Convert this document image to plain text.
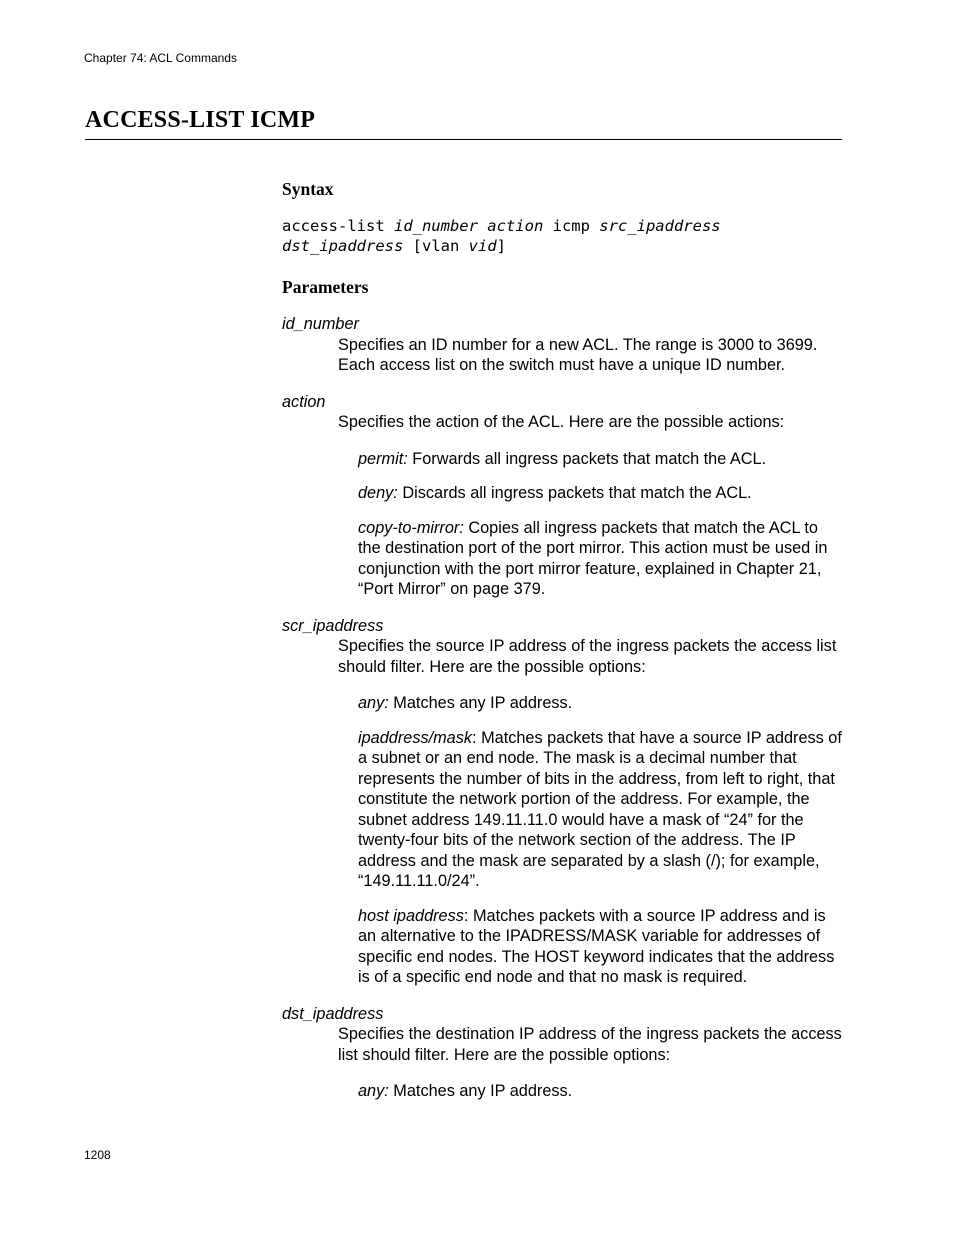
Chapter 74: ACL Commands
ACCESS-LIST ICMP
Syntax
access-list id_number action icmp src_ipaddress
dst_ipaddress [vlan vid]
Parameters
id_number
Specifies an ID number for a new ACL. The range is 3000 to 3699. Each access list on the switch must have a unique ID number.
action
Specifies the action of the ACL. Here are the possible actions:
permit: Forwards all ingress packets that match the ACL.
deny: Discards all ingress packets that match the ACL.
copy-to-mirror: Copies all ingress packets that match the ACL to the destination port of the port mirror. This action must be used in conjunction with the port mirror feature, explained in Chapter 21, “Port Mirror” on page 379.
scr_ipaddress
Specifies the source IP address of the ingress packets the access list should filter. Here are the possible options:
any: Matches any IP address.
ipaddress/mask: Matches packets that have a source IP address of a subnet or an end node. The mask is a decimal number that represents the number of bits in the address, from left to right, that constitute the network portion of the address. For example, the subnet address 149.11.11.0 would have a mask of “24” for the twenty-four bits of the network section of the address. The IP address and the mask are separated by a slash (/); for example, “149.11.11.0/24”.
host ipaddress: Matches packets with a source IP address and is an alternative to the IPADRESS/MASK variable for addresses of specific end nodes. The HOST keyword indicates that the address is of a specific end node and that no mask is required.
dst_ipaddress
Specifies the destination IP address of the ingress packets the access list should filter. Here are the possible options:
any: Matches any IP address.
1208
